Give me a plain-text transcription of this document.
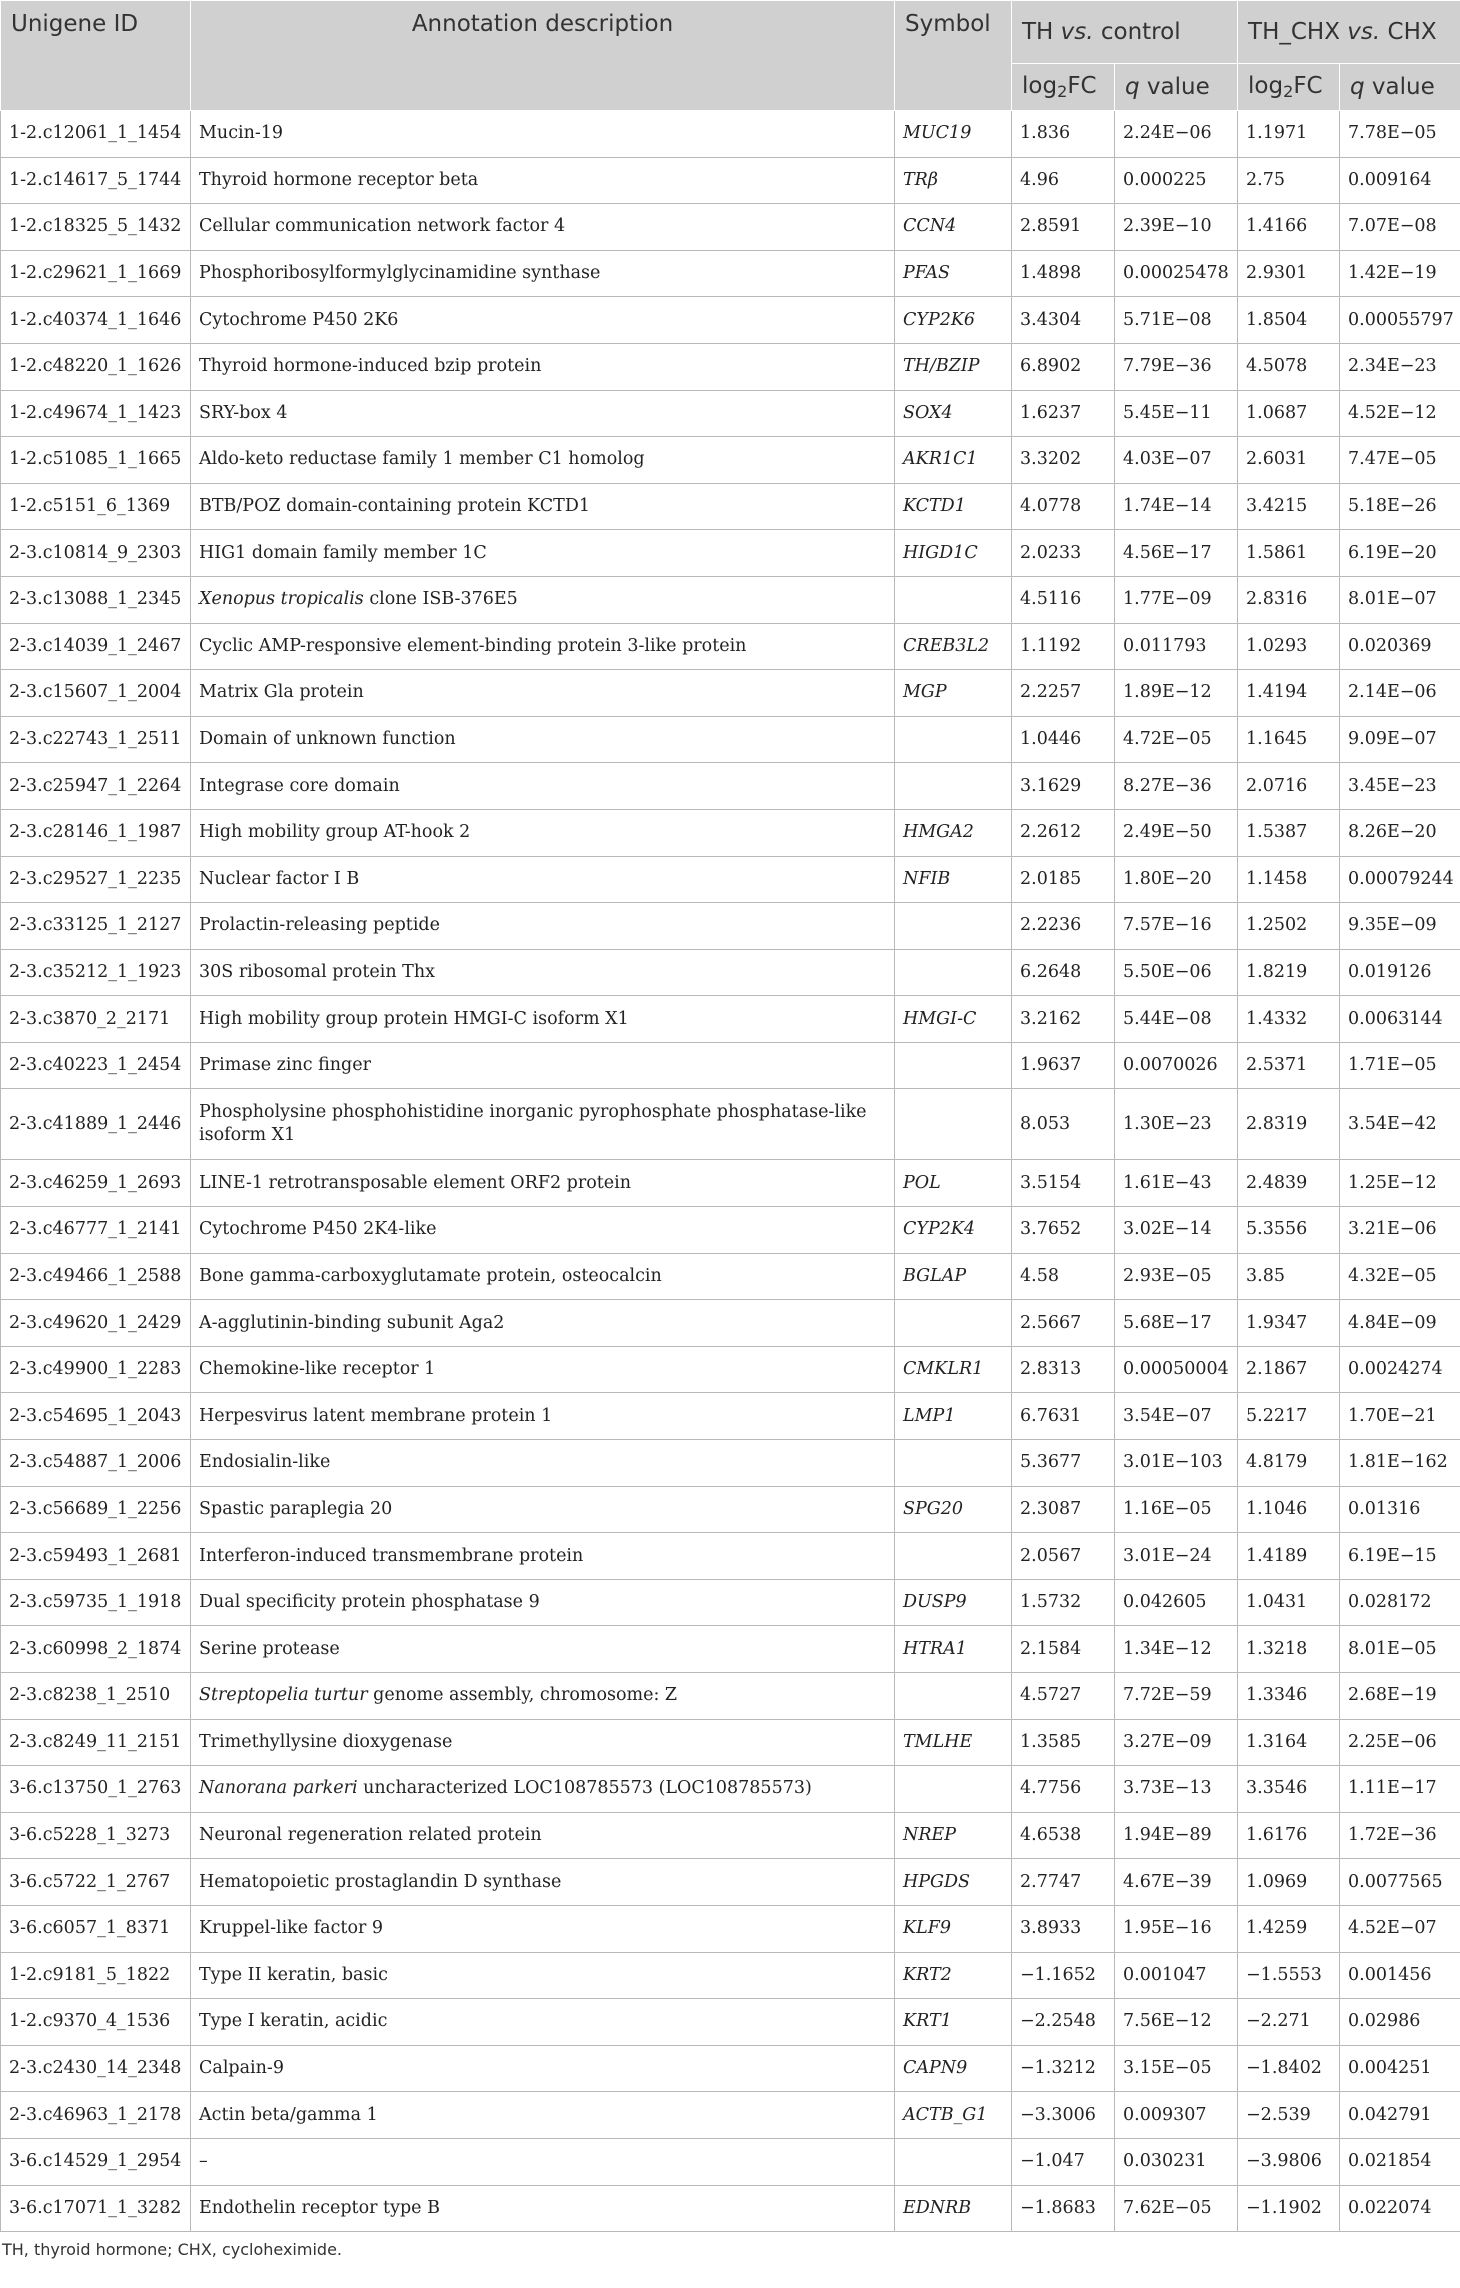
Unigene ID	Annotation description	Symbol	TH vs. control		TH_CHX vs. CHX	
			$\log_2FC$	q value	$\log_2FC$	q value
1-2.c12061_1_1454	Mucin-19	MUC19	1.836	2.24E−06	1.1971	7.78E−05
1-2.c14617_5_1744	Thyroid hormone receptor beta	TRβ	4.96	0.000225	2.75	0.009164
1-2.c18325_5_1432	Cellular communication network factor 4	CCN4	2.8591	2.39E−10	1.4166	7.07E−08
1-2.c29621_1_1669	Phosphoribosylformylglycinamidine synthase	PFAS	1.4898	0.00025478	2.9301	1.42E−19
1-2.c40374_1_1646	Cytochrome P450 2K6	CYP2K6	3.4304	5.71E−08	1.8504	0.00055797
1-2.c48220_1_1626	Thyroid hormone-induced bzip protein	TH/BZIP	6.8902	7.79E−36	4.5078	2.34E−23
1-2.c49674_1_1423	SRY-box 4	SOX4	1.6237	5.45E−11	1.0687	4.52E−12
1-2.c51085_1_1665	Aldo-keto reductase family 1 member C1 homolog	AKR1C1	3.3202	4.03E−07	2.6031	7.47E−05
1-2.c5151_6_1369	BTB/POZ domain-containing protein KCTD1	KCTD1	4.0778	1.74E−14	3.4215	5.18E−26
2-3.c10814_9_2303	HIG1 domain family member 1C	HIGD1C	2.0233	4.56E−17	1.5861	6.19E−20
2-3.c13088_1_2345	Xenopus tropicalis clone ISB-376E5		4.5116	1.77E−09	2.8316	8.01E−07
2-3.c14039_1_2467	Cyclic AMP-responsive element-binding protein 3-like protein	CREB3L2	1.1192	0.011793	1.0293	0.020369
2-3.c15607_1_2004	Matrix Gla protein	MGP	2.2257	1.89E−12	1.4194	2.14E−06
2-3.c22743_1_2511	Domain of unknown function		1.0446	4.72E−05	1.1645	9.09E−07
2-3.c25947_1_2264	Integrase core domain		3.1629	8.27E−36	2.0716	3.45E−23
2-3.c28146_1_1987	High mobility group AT-hook 2	HMGA2	2.2612	2.49E−50	1.5387	8.26E−20
2-3.c29527_1_2235	Nuclear factor I B	NFIB	2.0185	1.80E−20	1.1458	0.00079244
2-3.c33125_1_2127	Prolactin-releasing peptide		2.2236	7.57E−16	1.2502	9.35E−09
2-3.c35212_1_1923	30S ribosomal protein Thx		6.2648	5.50E−06	1.8219	0.019126
2-3.c3870_2_2171	High mobility group protein HMGI-C isoform X1	HMGI-C	3.2162	5.44E−08	1.4332	0.0063144
2-3.c40223_1_2454	Primase zinc finger		1.9637	0.0070026	2.5371	1.71E−05
2-3.c41889_1_2446	Phospholysine phosphohistidine inorganic pyrophosphate phosphatase-like isoform X1		8.053	1.30E−23	2.8319	3.54E−42
2-3.c46259_1_2693	LINE-1 retrotransposable element ORF2 protein	POL	3.5154	1.61E−43	2.4839	1.25E−12
2-3.c46777_1_2141	Cytochrome P450 2K4-like	CYP2K4	3.7652	3.02E−14	5.3556	3.21E−06
2-3.c49466_1_2588	Bone gamma-carboxyglutamate protein, osteocalcin	BGLAP	4.58	2.93E−05	3.85	4.32E−05
2-3.c49620_1_2429	A-agglutinin-binding subunit Aga2		2.5667	5.68E−17	1.9347	4.84E−09
2-3.c49900_1_2283	Chemokine-like receptor 1	CMKLR1	2.8313	0.00050004	2.1867	0.0024274
2-3.c54695_1_2043	Herpesvirus latent membrane protein 1	LMP1	6.7631	3.54E−07	5.2217	1.70E−21
2-3.c54887_1_2006	Endosialin-like		5.3677	3.01E−103	4.8179	1.81E−162
2-3.c56689_1_2256	Spastic paraplegia 20	SPG20	2.3087	1.16E−05	1.1046	0.01316
2-3.c59493_1_2681	Interferon-induced transmembrane protein		2.0567	3.01E−24	1.4189	6.19E−15
2-3.c59735_1_1918	Dual specificity protein phosphatase 9	DUSP9	1.5732	0.042605	1.0431	0.028172
2-3.c60998_2_1874	Serine protease	HTRA1	2.1584	1.34E−12	1.3218	8.01E−05
2-3.c8238_1_2510	Streptopelia turtur genome assembly, chromosome: Z		4.5727	7.72E−59	1.3346	2.68E−19
2-3.c8249_11_2151	Trimethyllysine dioxygenase	TMLHE	1.3585	3.27E−09	1.3164	2.25E−06
3-6.c13750_1_2763	Nanorana parkeri uncharacterized LOC108785573 (LOC108785573)		4.7756	3.73E−13	3.3546	1.11E−17
3-6.c5228_1_3273	Neuronal regeneration related protein	NREP	4.6538	1.94E−89	1.6176	1.72E−36
3-6.c5722_1_2767	Hematopoietic prostaglandin D synthase	HPGDS	2.7747	4.67E−39	1.0969	0.0077565
3-6.c6057_1_8371	Kruppel-like factor 9	KLF9	3.8933	1.95E−16	1.4259	4.52E−07
1-2.c9181_5_1822	Type II keratin, basic	KRT2	−1.1652	0.001047	−1.5553	0.001456
1-2.c9370_4_1536	Type I keratin, acidic	KRT1	−2.2548	7.56E−12	−2.271	0.02986
2-3.c2430_14_2348	Calpain-9	CAPN9	−1.3212	3.15E−05	−1.8402	0.004251
2-3.c46963_1_2178	Actin beta/gamma 1	ACTB_G1	−3.3006	0.009307	−2.539	0.042791
3-6.c14529_1_2954	–		−1.047	0.030231	−3.9806	0.021854
3-6.c17071_1_3282	Endothelin receptor type B	EDNRB	−1.8683	7.62E−05	−1.1902	0.022074
TH, thyroid hormone; CHX, cycloheximide.
